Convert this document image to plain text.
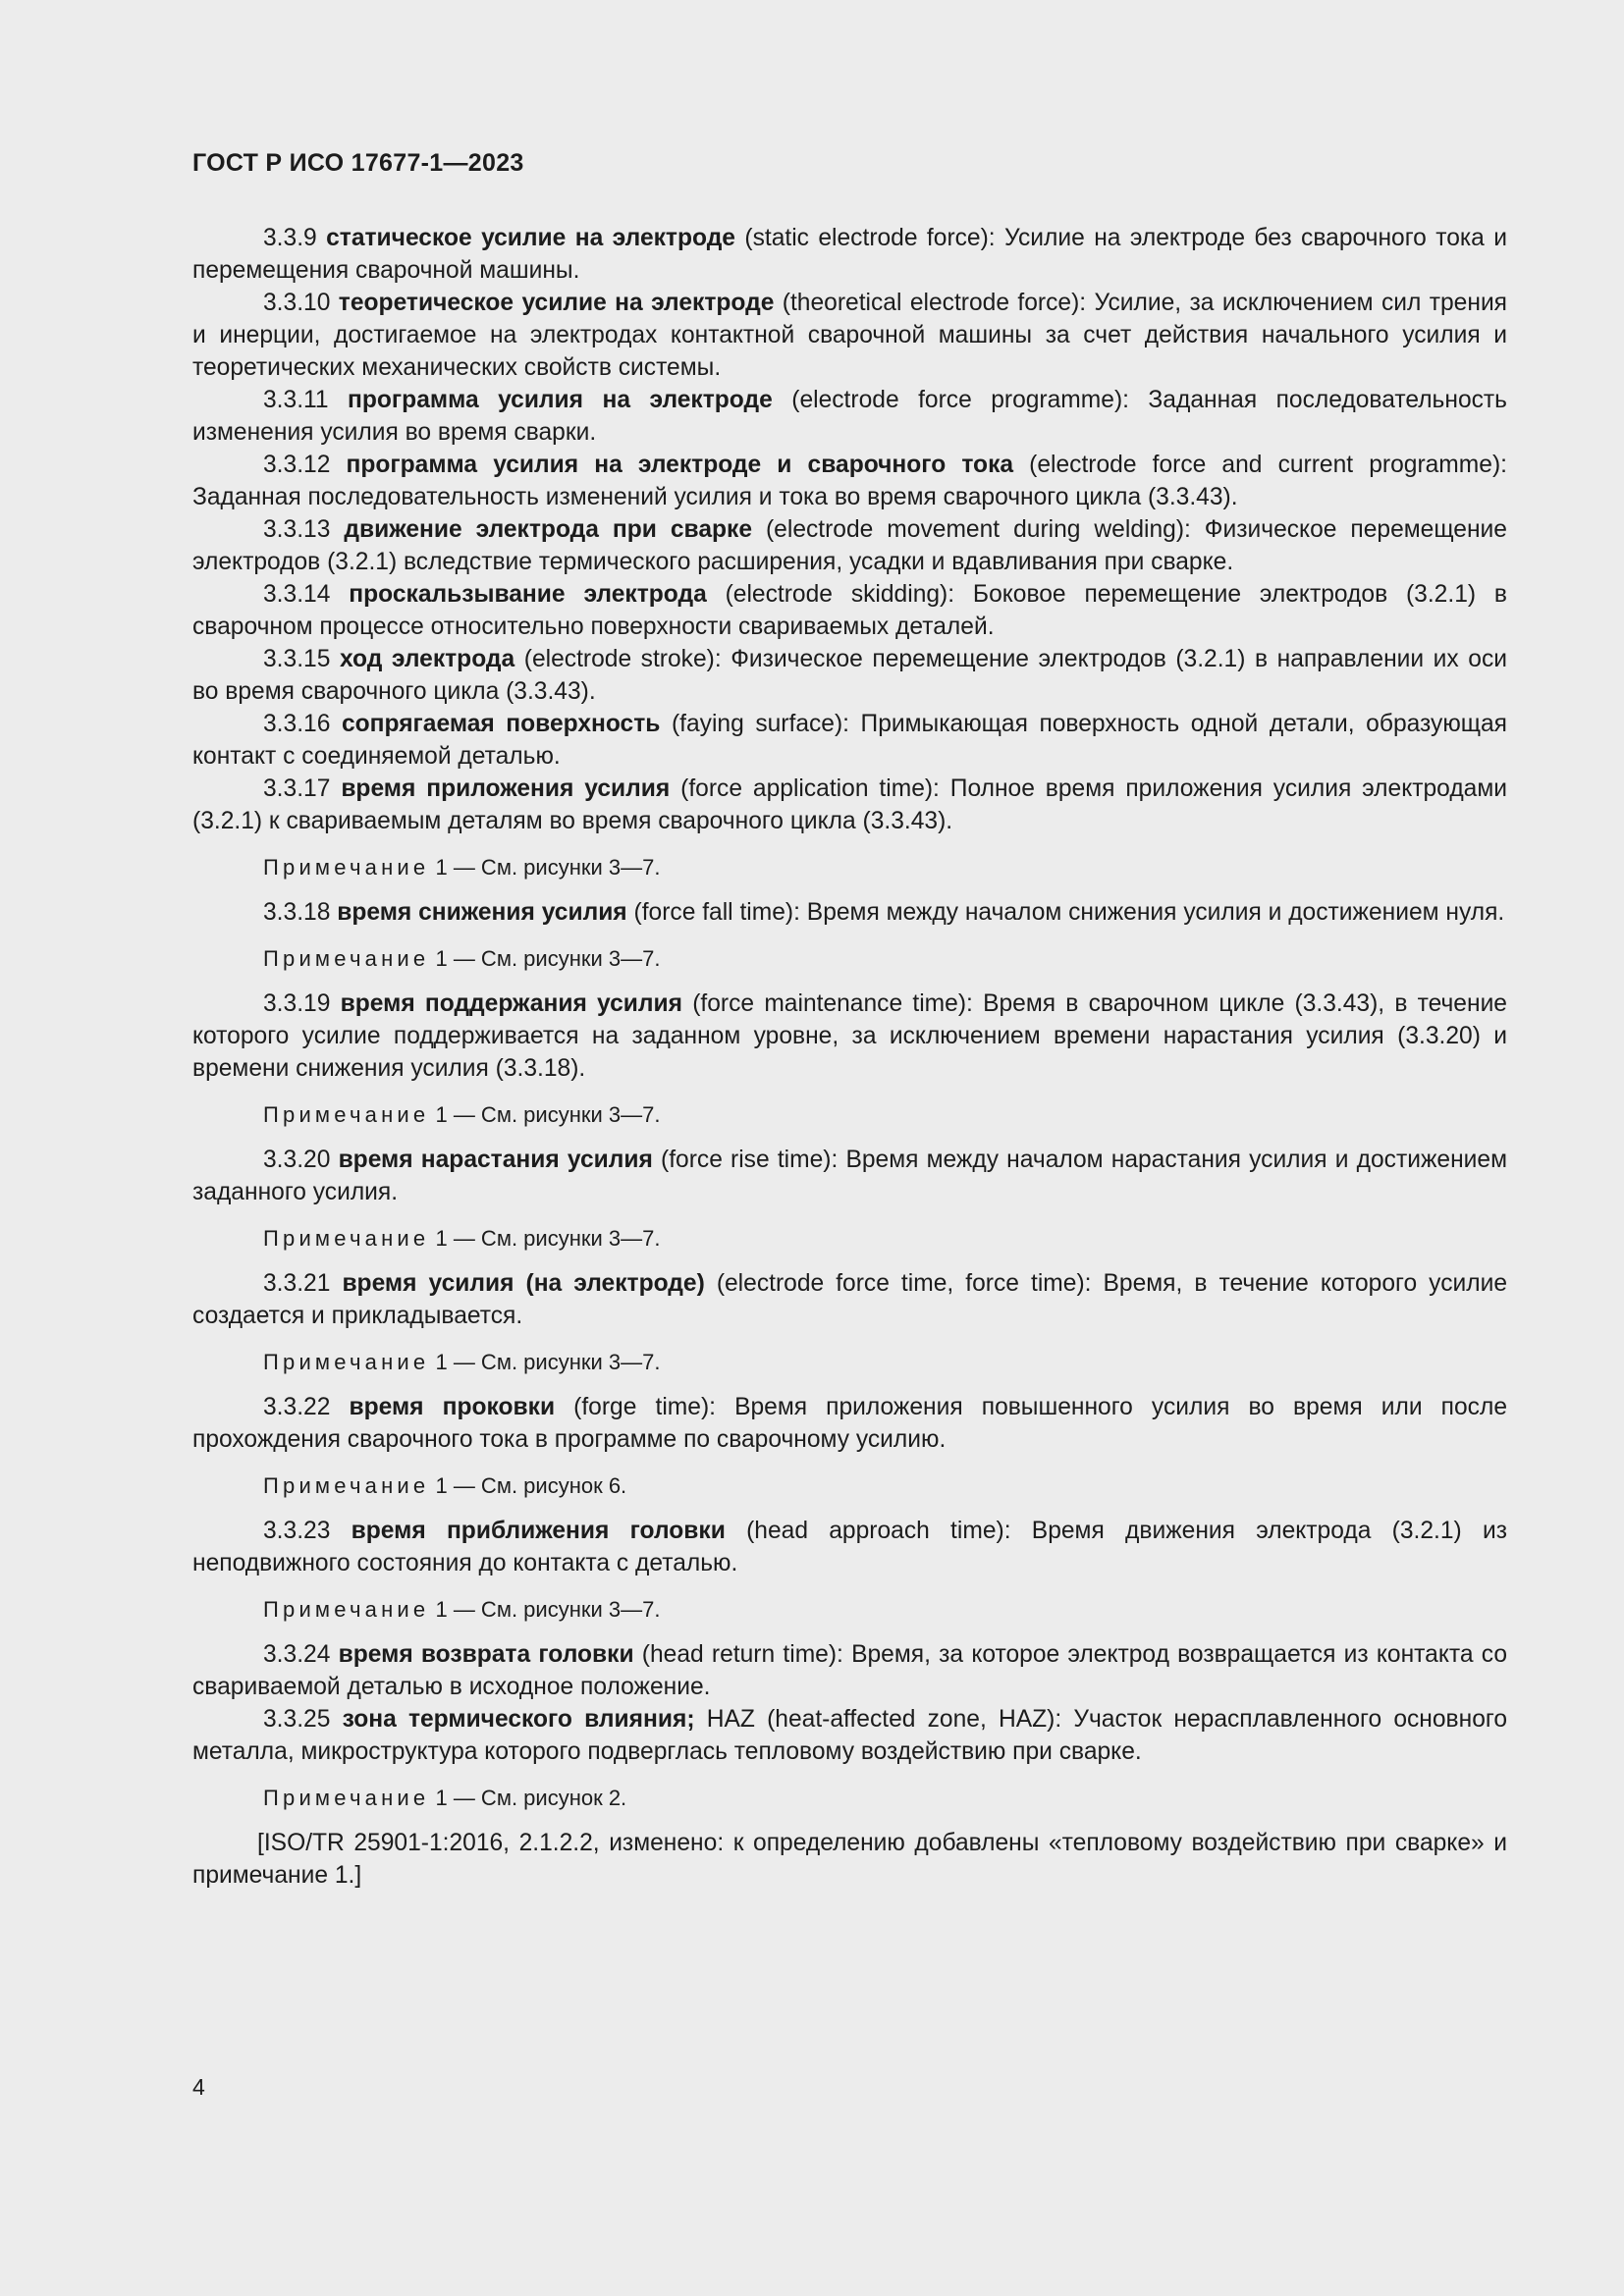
ГОСТ Р ИСО 17677-1—2023

3.3.9 статическое усилие на электроде (static electrode force): Усилие на электроде без сварочного тока и перемещения сварочной машины.

3.3.10 теоретическое усилие на электроде (theoretical electrode force): Усилие, за исключением сил трения и инерции, достигаемое на электродах контактной сварочной машины за счет действия начального усилия и теоретических механических свойств системы.

3.3.11 программа усилия на электроде (electrode force programme): Заданная последовательность изменения усилия во время сварки.

3.3.12 программа усилия на электроде и сварочного тока (electrode force and current programme): Заданная последовательность изменений усилия и тока во время сварочного цикла (3.3.43).

3.3.13 движение электрода при сварке (electrode movement during welding): Физическое перемещение электродов (3.2.1) вследствие термического расширения, усадки и вдавливания при сварке.

3.3.14 проскальзывание электрода (electrode skidding): Боковое перемещение электродов (3.2.1) в сварочном процессе относительно поверхности свариваемых деталей.

3.3.15 ход электрода (electrode stroke): Физическое перемещение электродов (3.2.1) в направлении их оси во время сварочного цикла (3.3.43).

3.3.16 сопрягаемая поверхность (faying surface): Примыкающая поверхность одной детали, образующая контакт с соединяемой деталью.

3.3.17 время приложения усилия (force application time): Полное время приложения усилия электродами (3.2.1) к свариваемым деталям во время сварочного цикла (3.3.43).

Примечание 1 — См. рисунки 3—7.

3.3.18 время снижения усилия (force fall time): Время между началом снижения усилия и достижением нуля.

Примечание 1 — См. рисунки 3—7.

3.3.19 время поддержания усилия (force maintenance time): Время в сварочном цикле (3.3.43), в течение которого усилие поддерживается на заданном уровне, за исключением времени нарастания усилия (3.3.20) и времени снижения усилия (3.3.18).

Примечание 1 — См. рисунки 3—7.

3.3.20 время нарастания усилия (force rise time): Время между началом нарастания усилия и достижением заданного усилия.

Примечание 1 — См. рисунки 3—7.

3.3.21 время усилия (на электроде) (electrode force time, force time): Время, в течение которого усилие создается и прикладывается.

Примечание 1 — См. рисунки 3—7.

3.3.22 время проковки (forge time): Время приложения повышенного усилия во время или после прохождения сварочного тока в программе по сварочному усилию.

Примечание 1 — См. рисунок 6.

3.3.23 время приближения головки (head approach time): Время движения электрода (3.2.1) из неподвижного состояния до контакта с деталью.

Примечание 1 — См. рисунки 3—7.

3.3.24 время возврата головки (head return time): Время, за которое электрод возвращается из контакта со свариваемой деталью в исходное положение.

3.3.25 зона термического влияния; HAZ (heat-affected zone, HAZ): Участок нерасплавленного основного металла, микроструктура которого подверглась тепловому воздействию при сварке.

Примечание 1 — См. рисунок 2.

[ISO/TR 25901-1:2016, 2.1.2.2, изменено: к определению добавлены «тепловому воздействию при сварке» и примечание 1.]

4
